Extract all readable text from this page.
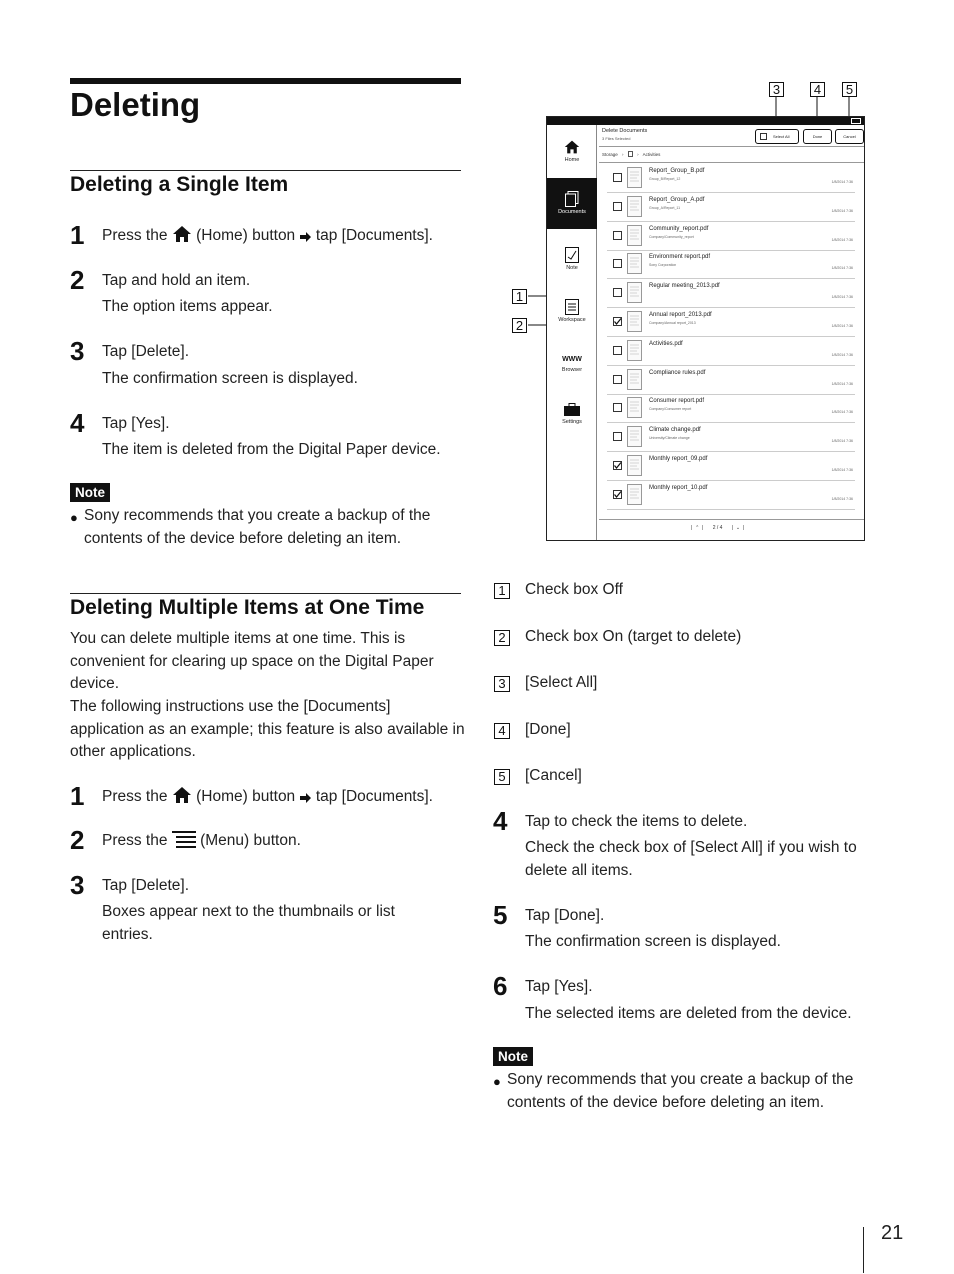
Deleting
Deleting a Single Item
1 Press the (Home) button tap [Documents].
2 Tap and hold an item.
The option items appear.
3 Tap [Delete].
The confirmation screen is displayed.
4 Tap [Yes].
The item is deleted from the Digital Paper device.
Note
● Sony recommends that you create a backup of the contents of the device before deleting an item.
Deleting Multiple Items at One Time
You can delete multiple items at one time. This is convenient for clearing up space on the Digital Paper device.
The following instructions use the [Documents] application as an example; this feature is also available in other applications.
1 Press the (Home) button tap [Documents].
2 Press the (Menu) button.
3 Tap [Delete].
Boxes appear next to the thumbnails or list entries.
3	4 5
1
2
Home
Documents
Note
Workspace
WWW
Browser
Settings
Delete Documents
3 Files Selected	Select All	Done	Cancel
Storage ›	› Activities
Report_Group_B.pdf
Group_B/Report_12
1/8/2014 7:36
Report_Group_A.pdf
Group_A/Report_11
1/8/2014 7:36
Community_report.pdf
Company/Community_report
1/8/2014 7:36
Environment report.pdf
Sony Corporation
1/8/2014 7:36
Regular meeting_2013.pdf
1/8/2014 7:36
Annual report_2013.pdf
Company/Annual report_2013
1/8/2014 7:36
Activities.pdf
1/8/2014 7:36
Compliance rules.pdf
1/8/2014 7:36
Consumer report.pdf
Company/Consumer report
1/8/2014 7:36
Climate change.pdf
University/Climate change
1/8/2014 7:36
Monthly report_09.pdf
1/8/2014 7:36
Monthly report_10.pdf
1/8/2014 7:36
|  ⌃  | 2 / 4 |  ⌄  |
1 Check box Off
2 Check box On (target to delete)
3 [Select All]
4 [Done]
5 [Cancel]
4 Tap to check the items to delete.
Check the check box of [Select All] if you wish to delete all items.
5 Tap [Done].
The confirmation screen is displayed.
6 Tap [Yes].
The selected items are deleted from the device.
Note
● Sony recommends that you create a backup of the contents of the device before deleting an item.
21
